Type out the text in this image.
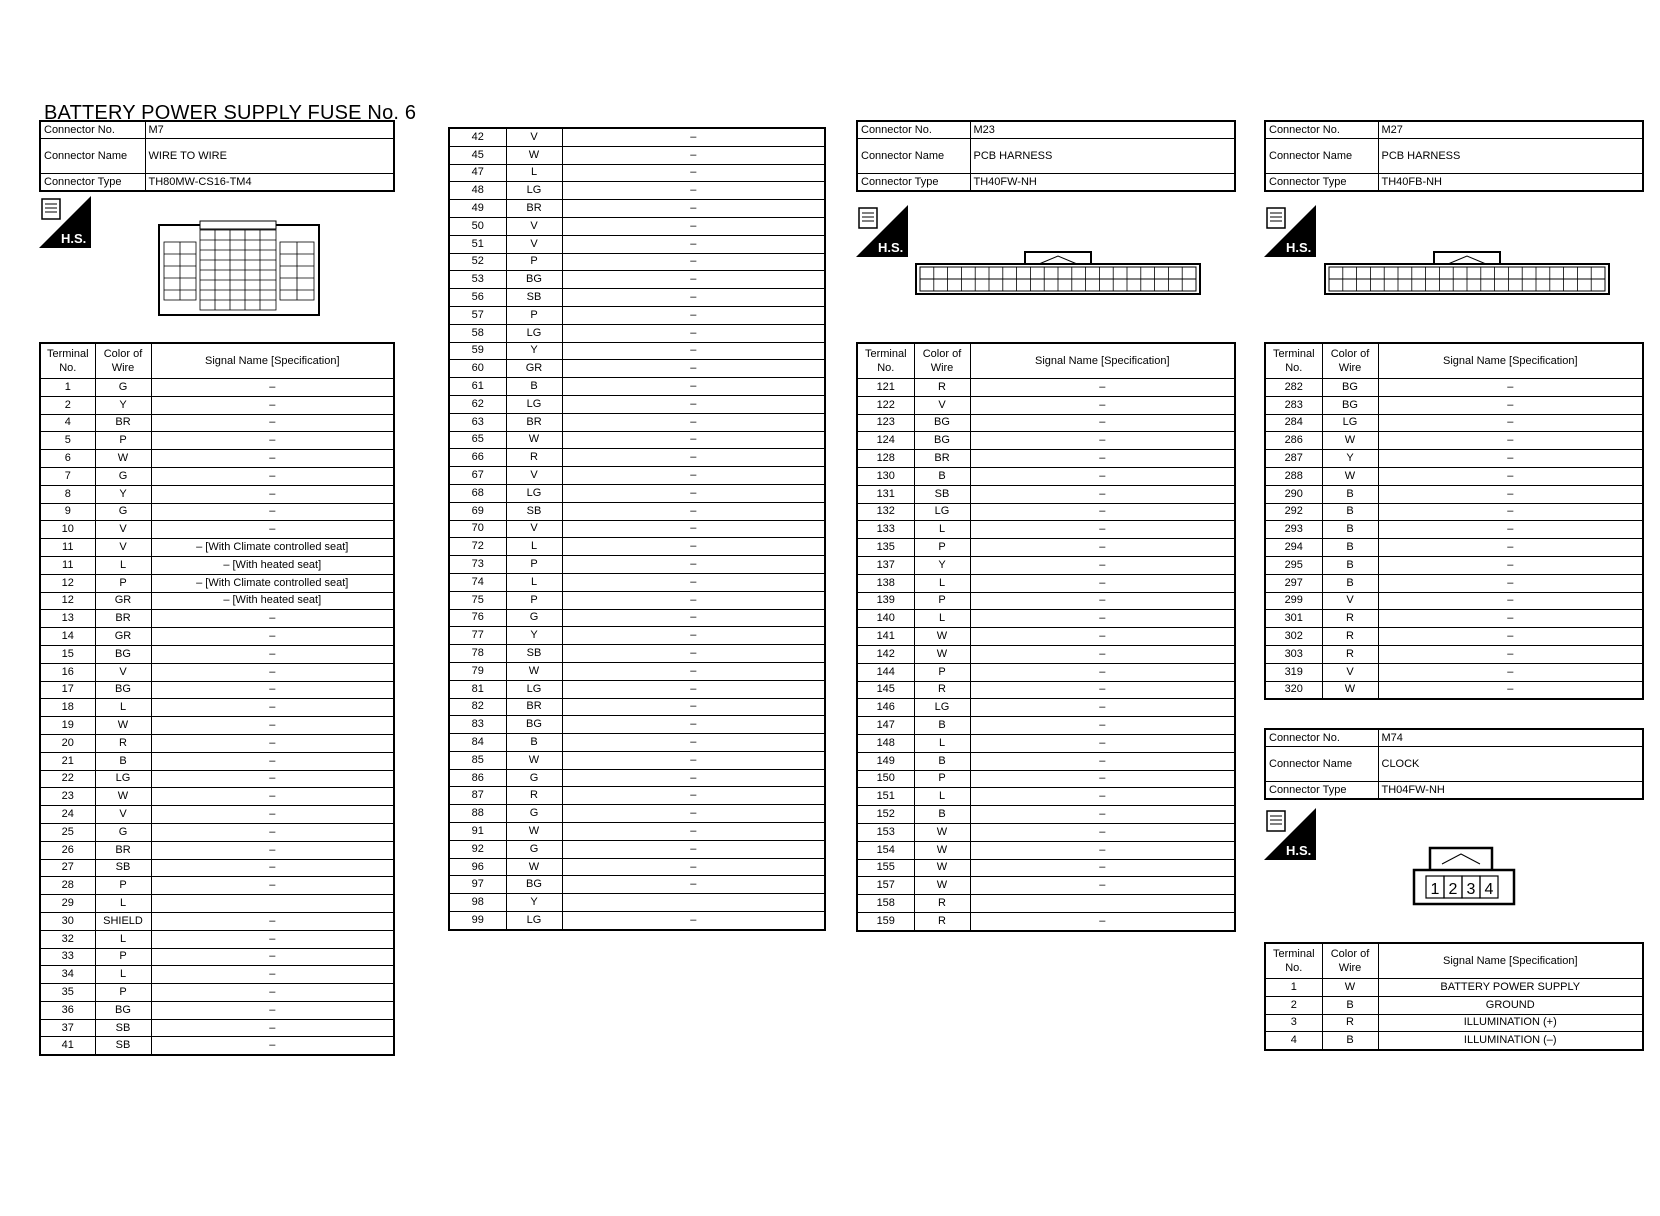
BATTERY POWER SUPPLY FUSE No. 6
Connector No.	M7
Connector Name	WIRE TO WIRE
Connector Type	TH80MW-CS16-TM4
H.S.
Terminal No.	Color of Wire	Signal Name [Specification]
1	G	–
2	Y	–
4	BR	–
5	P	–
6	W	–
7	G	–
8	Y	–
9	G	–
10	V	–
11	V	– [With Climate controlled seat]
11	L	– [With heated seat]
12	P	– [With Climate controlled seat]
12	GR	– [With heated seat]
13	BR	–
14	GR	–
15	BG	–
16	V	–
17	BG	–
18	L	–
19	W	–
20	R	–
21	B	–
22	LG	–
23	W	–
24	V	–
25	G	–
26	BR	–
27	SB	–
28	P	–
29	L	
30	SHIELD	–
32	L	–
33	P	–
34	L	–
35	P	–
36	BG	–
37	SB	–
41	SB	–
42	V	–
45	W	–
47	L	–
48	LG	–
49	BR	–
50	V	–
51	V	–
52	P	–
53	BG	–
56	SB	–
57	P	–
58	LG	–
59	Y	–
60	GR	–
61	B	–
62	LG	–
63	BR	–
65	W	–
66	R	–
67	V	–
68	LG	–
69	SB	–
70	V	–
72	L	–
73	P	–
74	L	–
75	P	–
76	G	–
77	Y	–
78	SB	–
79	W	–
81	LG	–
82	BR	–
83	BG	–
84	B	–
85	W	–
86	G	–
87	R	–
88	G	–
91	W	–
92	G	–
96	W	–
97	BG	–
98	Y	
99	LG	–
Connector No.	M23
Connector Name	PCB HARNESS
Connector Type	TH40FW-NH
H.S.
Terminal No.	Color of Wire	Signal Name [Specification]
121	R	–
122	V	–
123	BG	–
124	BG	–
128	BR	–
130	B	–
131	SB	–
132	LG	–
133	L	–
135	P	–
137	Y	–
138	L	–
139	P	–
140	L	–
141	W	–
142	W	–
144	P	–
145	R	–
146	LG	–
147	B	–
148	L	–
149	B	–
150	P	–
151	L	–
152	B	–
153	W	–
154	W	–
155	W	–
157	W	–
158	R	
159	R	–
Connector No.	M27
Connector Name	PCB HARNESS
Connector Type	TH40FB-NH
H.S.
Terminal No.	Color of Wire	Signal Name [Specification]
282	BG	–
283	BG	–
284	LG	–
286	W	–
287	Y	–
288	W	–
290	B	–
292	B	–
293	B	–
294	B	–
295	B	–
297	B	–
299	V	–
301	R	–
302	R	–
303	R	–
319	V	–
320	W	–
Connector No.	M74
Connector Name	CLOCK
Connector Type	TH04FW-NH
H.S.
1 2 3 4
Terminal No.	Color of Wire	Signal Name [Specification]
1	W	BATTERY POWER SUPPLY
2	B	GROUND
3	R	ILLUMINATION (+)
4	B	ILLUMINATION (–)
